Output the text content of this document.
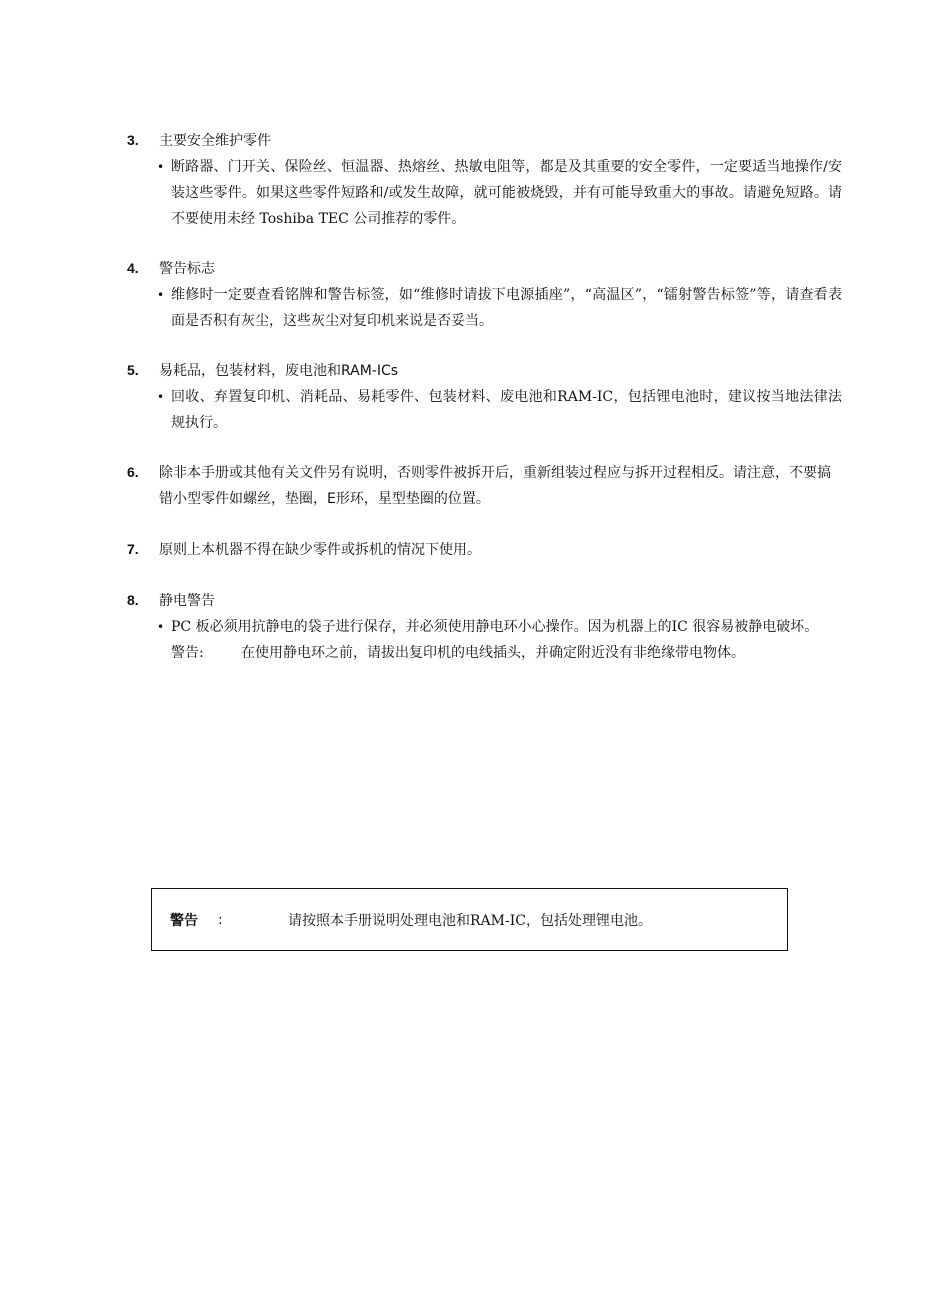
3.	主要安全维护零件
• 断路器、门开关、保险丝、恒温器、热熔丝、热敏电阻等，都是及其重要的安全零件，一定要适当地操作/安装这些零件。如果这些零件短路和/或发生故障，就可能被烧毁，并有可能导致重大的事故。请避免短路。请不要使用未经 Toshiba TEC 公司推荐的零件。
4.	警告标志
• 维修时一定要查看铭牌和警告标签，如“维修时请拔下电源插座”，“高温区”，“镭射警告标签”等，请查看表面是否积有灰尘，这些灰尘对复印机来说是否妥当。
5.	易耗品，包装材料，废电池和RAM-ICs
• 回收、弃置复印机、消耗品、易耗零件、包装材料、废电池和RAM-IC，包括锂电池时，建议按当地法律法规执行。
6.	除非本手册或其他有关文件另有说明，否则零件被拆开后，重新组装过程应与拆开过程相反。请注意，不要搞错小型零件如螺丝，垫圈，E形环，星型垫圈的位置。
7.	原则上本机器不得在缺少零件或拆机的情况下使用。
8.	静电警告
• PC 板必须用抗静电的袋子进行保存，并必须使用静电环小心操作。因为机器上的IC 很容易被静电破坏。
警告:	在使用静电环之前，请拔出复印机的电线插头，并确定附近没有非绝缘带电物体。
警告	:	请按照本手册说明处理电池和RAM-IC，包括处理锂电池。
